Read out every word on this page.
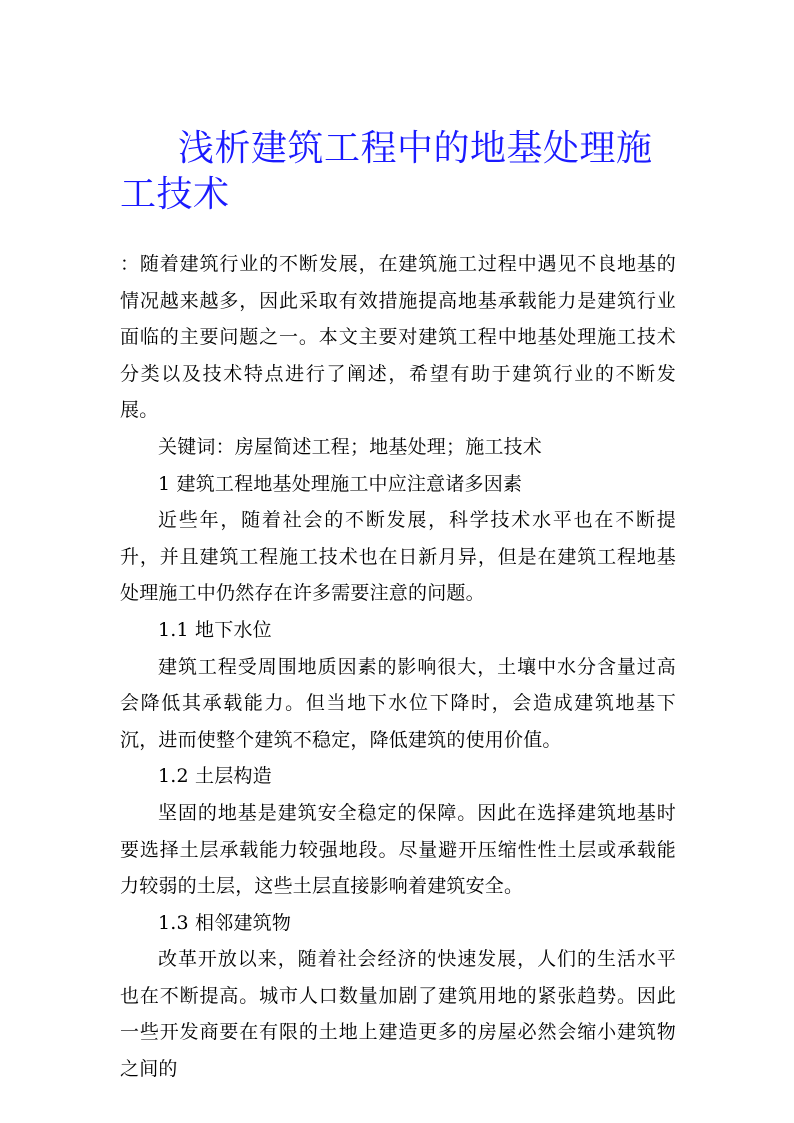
浅析建筑工程中的地基处理施工技术

：随着建筑行业的不断发展，在建筑施工过程中遇见不良地基的情况越来越多，因此采取有效措施提高地基承载能力是建筑行业面临的主要问题之一。本文主要对建筑工程中地基处理施工技术分类以及技术特点进行了阐述，希望有助于建筑行业的不断发展。

关键词：房屋简述工程；地基处理；施工技术

1 建筑工程地基处理施工中应注意诸多因素

近些年，随着社会的不断发展，科学技术水平也在不断提升，并且建筑工程施工技术也在日新月异，但是在建筑工程地基处理施工中仍然存在许多需要注意的问题。

1.1 地下水位

建筑工程受周围地质因素的影响很大，土壤中水分含量过高会降低其承载能力。但当地下水位下降时，会造成建筑地基下沉，进而使整个建筑不稳定，降低建筑的使用价值。

1.2 土层构造

坚固的地基是建筑安全稳定的保障。因此在选择建筑地基时要选择土层承载能力较强地段。尽量避开压缩性性土层或承载能力较弱的土层，这些土层直接影响着建筑安全。

1.3 相邻建筑物

改革开放以来，随着社会经济的快速发展，人们的生活水平也在不断提高。城市人口数量加剧了建筑用地的紧张趋势。因此一些开发商要在有限的土地上建造更多的房屋必然会缩小建筑物之间的
